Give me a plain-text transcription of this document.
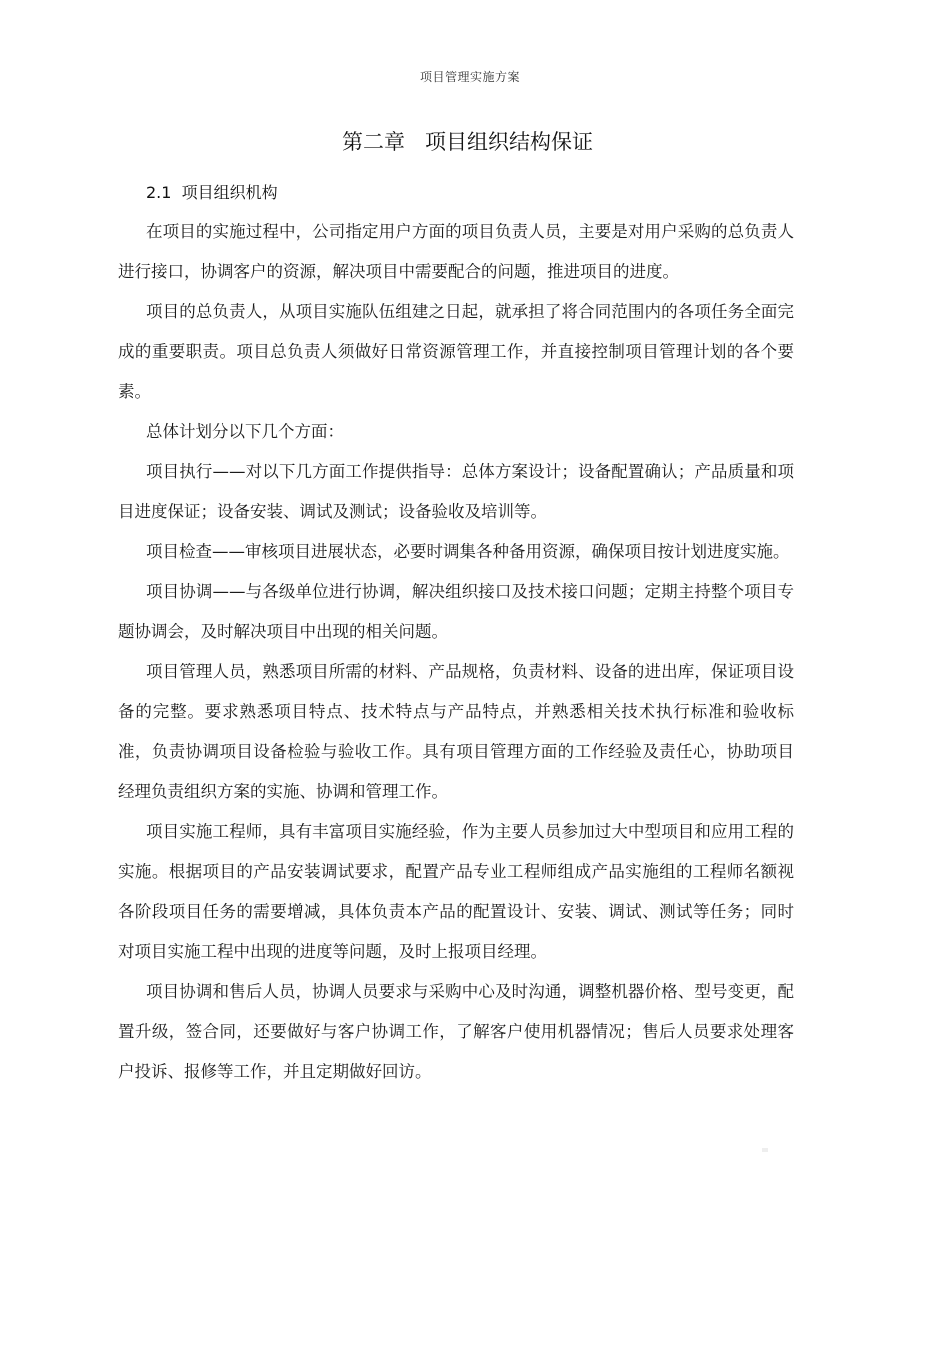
项目管理实施方案
第二章   项目组织结构保证
2.1  项目组织机构

在项目的实施过程中，公司指定用户方面的项目负责人员，主要是对用户采购的总负责人进行接口，协调客户的资源，解决项目中需要配合的问题，推进项目的进度。

项目的总负责人，从项目实施队伍组建之日起，就承担了将合同范围内的各项任务全面完成的重要职责。项目总负责人须做好日常资源管理工作，并直接控制项目管理计划的各个要素。

总体计划分以下几个方面：

项目执行——对以下几方面工作提供指导：总体方案设计；设备配置确认；产品质量和项目进度保证；设备安装、调试及测试；设备验收及培训等。

项目检查——审核项目进展状态，必要时调集各种备用资源，确保项目按计划进度实施。

项目协调——与各级单位进行协调，解决组织接口及技术接口问题；定期主持整个项目专题协调会，及时解决项目中出现的相关问题。

项目管理人员，熟悉项目所需的材料、产品规格，负责材料、设备的进出库，保证项目设备的完整。要求熟悉项目特点、技术特点与产品特点，并熟悉相关技术执行标准和验收标准，负责协调项目设备检验与验收工作。具有项目管理方面的工作经验及责任心，协助项目经理负责组织方案的实施、协调和管理工作。

项目实施工程师，具有丰富项目实施经验，作为主要人员参加过大中型项目和应用工程的实施。根据项目的产品安装调试要求，配置产品专业工程师组成产品实施组的工程师名额视各阶段项目任务的需要增减，具体负责本产品的配置设计、安装、调试、测试等任务；同时对项目实施工程中出现的进度等问题，及时上报项目经理。

项目协调和售后人员，协调人员要求与采购中心及时沟通，调整机器价格、型号变更，配置升级，签合同，还要做好与客户协调工作，了解客户使用机器情况；售后人员要求处理客户投诉、报修等工作，并且定期做好回访。
